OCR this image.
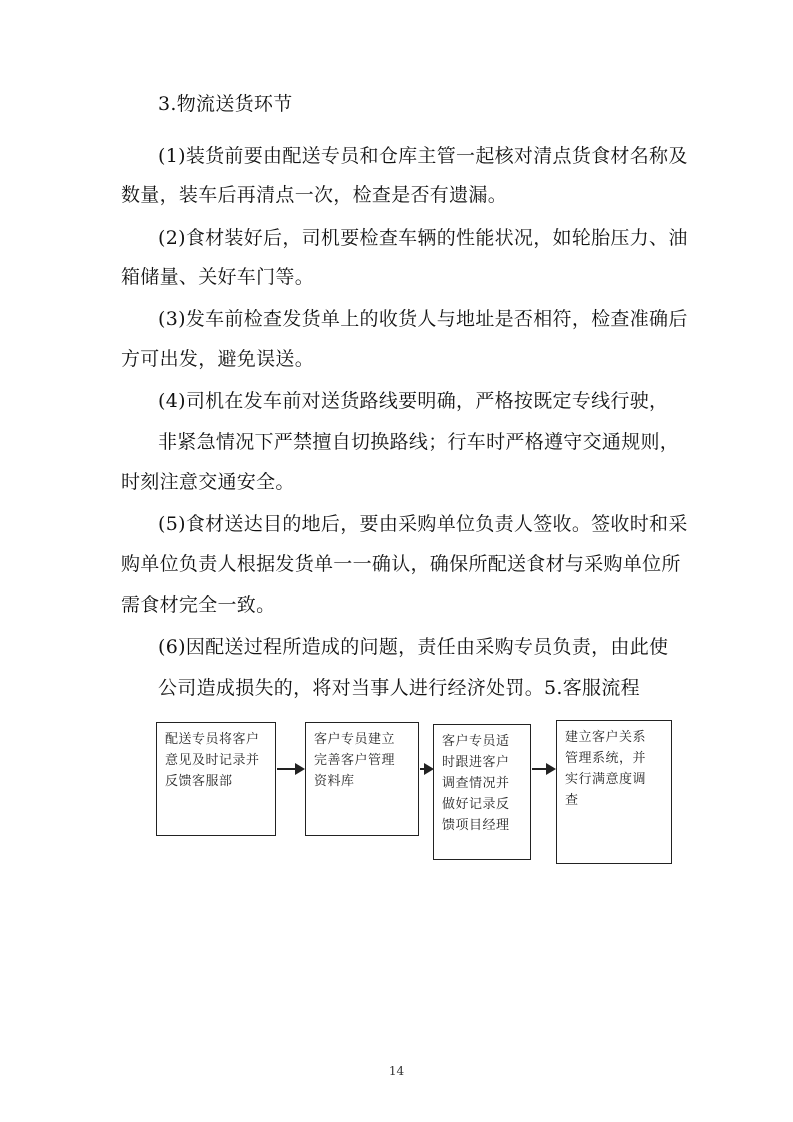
3.物流送货环节
(1)装货前要由配送专员和仓库主管一起核对清点货食材名称及
数量，装车后再清点一次，检查是否有遗漏。
(2)食材装好后，司机要检查车辆的性能状况，如轮胎压力、油
箱储量、关好车门等。
(3)发车前检查发货单上的收货人与地址是否相符，检查准确后
方可出发，避免误送。
(4)司机在发车前对送货路线要明确，严格按既定专线行驶，
非紧急情况下严禁擅自切换路线；行车时严格遵守交通规则，
时刻注意交通安全。
(5)食材送达目的地后，要由采购单位负责人签收。签收时和采
购单位负责人根据发货单一一确认，确保所配送食材与采购单位所
需食材完全一致。
(6)因配送过程所造成的问题，责任由采购专员负责，由此使
公司造成损失的，将对当事人进行经济处罚。5.客服流程
配送专员将客户
意见及时记录并
反馈客服部
客户专员建立
完善客户管理
资料库
客户专员适
时跟进客户
调查情况并
做好记录反
馈项目经理
建立客户关系
管理系统，并
实行满意度调
查
14
